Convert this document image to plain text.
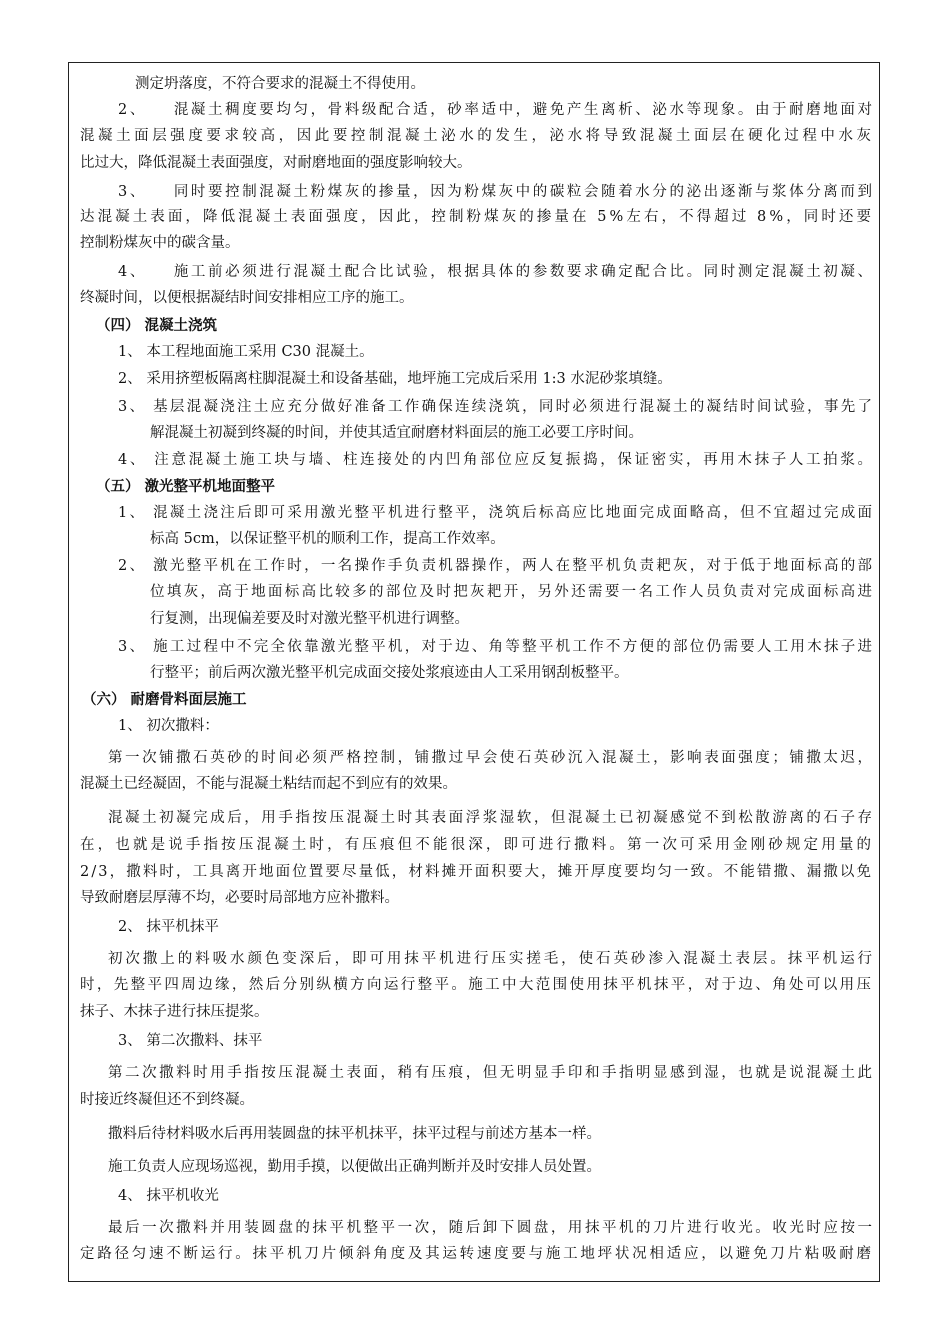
测定坍落度，不符合要求的混凝土不得使用。
2、　　混凝土稠度要均匀，骨料级配合适，砂率适中，避免产生离析、泌水等现象。由于耐磨地面对
混凝土面层强度要求较高，因此要控制混凝土泌水的发生，泌水将导致混凝土面层在硬化过程中水灰
比过大，降低混凝土表面强度，对耐磨地面的强度影响较大。
3、　　同时要控制混凝土粉煤灰的掺量，因为粉煤灰中的碳粒会随着水分的泌出逐渐与浆体分离而到
达混凝土表面，降低混凝土表面强度，因此，控制粉煤灰的掺量在 5%左右，不得超过 8%，同时还要
控制粉煤灰中的碳含量。
4、　　施工前必须进行混凝土配合比试验，根据具体的参数要求确定配合比。同时测定混凝土初凝、
终凝时间，以便根据凝结时间安排相应工序的施工。
（四） 混凝土浇筑
1、 本工程地面施工采用 C30 混凝土。
2、 采用挤塑板隔离柱脚混凝土和设备基础，地坪施工完成后采用 1:3 水泥砂浆填缝。
3、 基层混凝浇注土应充分做好准备工作确保连续浇筑，同时必须进行混凝土的凝结时间试验，事先了
解混凝土初凝到终凝的时间，并使其适宜耐磨材料面层的施工必要工序时间。
4、 注意混凝土施工块与墙、柱连接处的内凹角部位应反复振捣，保证密实，再用木抹子人工拍浆。
（五） 激光整平机地面整平
1、 混凝土浇注后即可采用激光整平机进行整平，浇筑后标高应比地面完成面略高，但不宜超过完成面
标高 5cm，以保证整平机的顺利工作，提高工作效率。
2、 激光整平机在工作时，一名操作手负责机器操作，两人在整平机负责耙灰，对于低于地面标高的部
位填灰，高于地面标高比较多的部位及时把灰耙开，另外还需要一名工作人员负责对完成面标高进
行复测，出现偏差要及时对激光整平机进行调整。
3、 施工过程中不完全依靠激光整平机，对于边、角等整平机工作不方便的部位仍需要人工用木抹子进
行整平；前后两次激光整平机完成面交接处浆痕迹由人工采用钢刮板整平。
（六） 耐磨骨料面层施工
1、 初次撒料：
第一次铺撒石英砂的时间必须严格控制，铺撒过早会使石英砂沉入混凝土，影响表面强度；铺撒太迟，
混凝土已经凝固，不能与混凝土粘结而起不到应有的效果。
混凝土初凝完成后，用手指按压混凝土时其表面浮浆湿软，但混凝土已初凝感觉不到松散游离的石子存
在，也就是说手指按压混凝土时，有压痕但不能很深，即可进行撒料。第一次可采用金刚砂规定用量的
2/3，撒料时，工具离开地面位置要尽量低，材料摊开面积要大，摊开厚度要均匀一致。不能错撒、漏撒以免
导致耐磨层厚薄不均，必要时局部地方应补撒料。
2、 抹平机抹平
初次撒上的料吸水颜色变深后，即可用抹平机进行压实搓毛，使石英砂渗入混凝土表层。抹平机运行
时，先整平四周边缘，然后分别纵横方向运行整平。施工中大范围使用抹平机抹平，对于边、角处可以用压
抹子、木抹子进行抹压提浆。
3、 第二次撒料、抹平
第二次撒料时用手指按压混凝土表面，稍有压痕，但无明显手印和手指明显感到湿，也就是说混凝土此
时接近终凝但还不到终凝。
撒料后待材料吸水后再用装圆盘的抹平机抹平，抹平过程与前述方基本一样。
施工负责人应现场巡视，勤用手摸，以便做出正确判断并及时安排人员处置。
4、 抹平机收光
最后一次撒料并用装圆盘的抹平机整平一次，随后卸下圆盘，用抹平机的刀片进行收光。收光时应按一
定路径匀速不断运行。抹平机刀片倾斜角度及其运转速度要与施工地坪状况相适应，以避免刀片粘吸耐磨
